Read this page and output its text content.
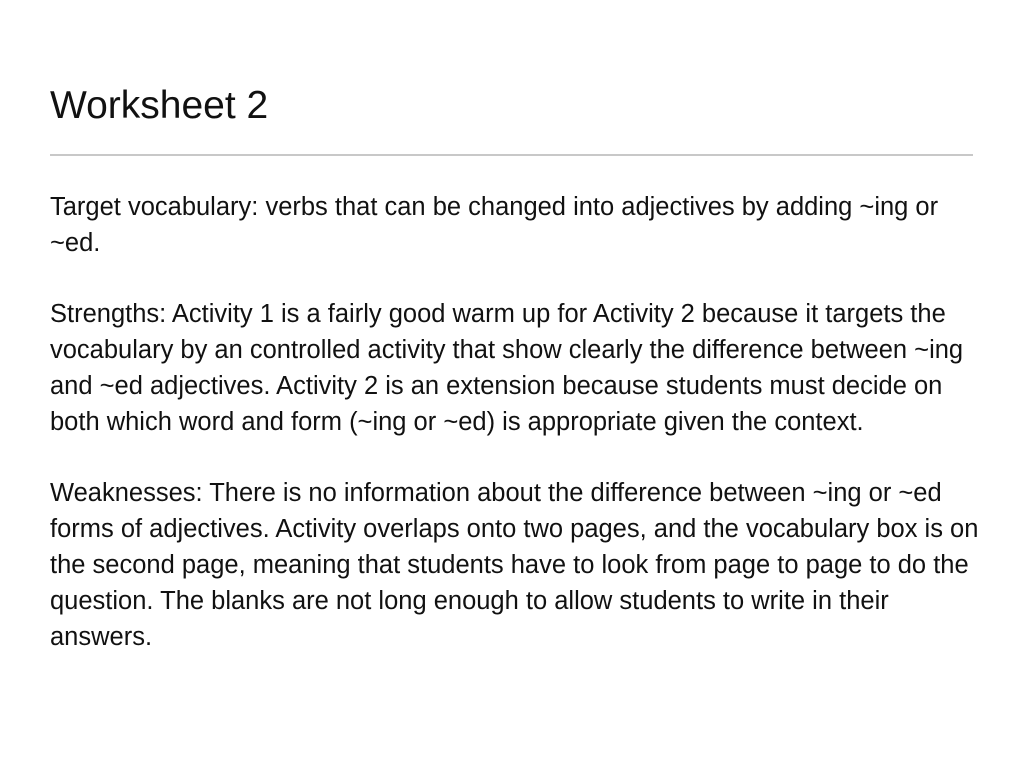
Worksheet 2

Target vocabulary: verbs that can be changed into adjectives by adding ~ing or ~ed.

Strengths: Activity 1 is a fairly good warm up for Activity 2 because it targets the vocabulary by an controlled activity that show clearly the difference between ~ing and ~ed adjectives. Activity 2 is an extension because students must decide on both which word and form (~ing or ~ed) is appropriate given the context.

Weaknesses: There is no information about the difference between ~ing or ~ed forms of adjectives. Activity overlaps onto two pages, and the vocabulary box is on the second page, meaning that students have to look from page to page to do the question. The blanks are not long enough to allow students to write in their answers.
